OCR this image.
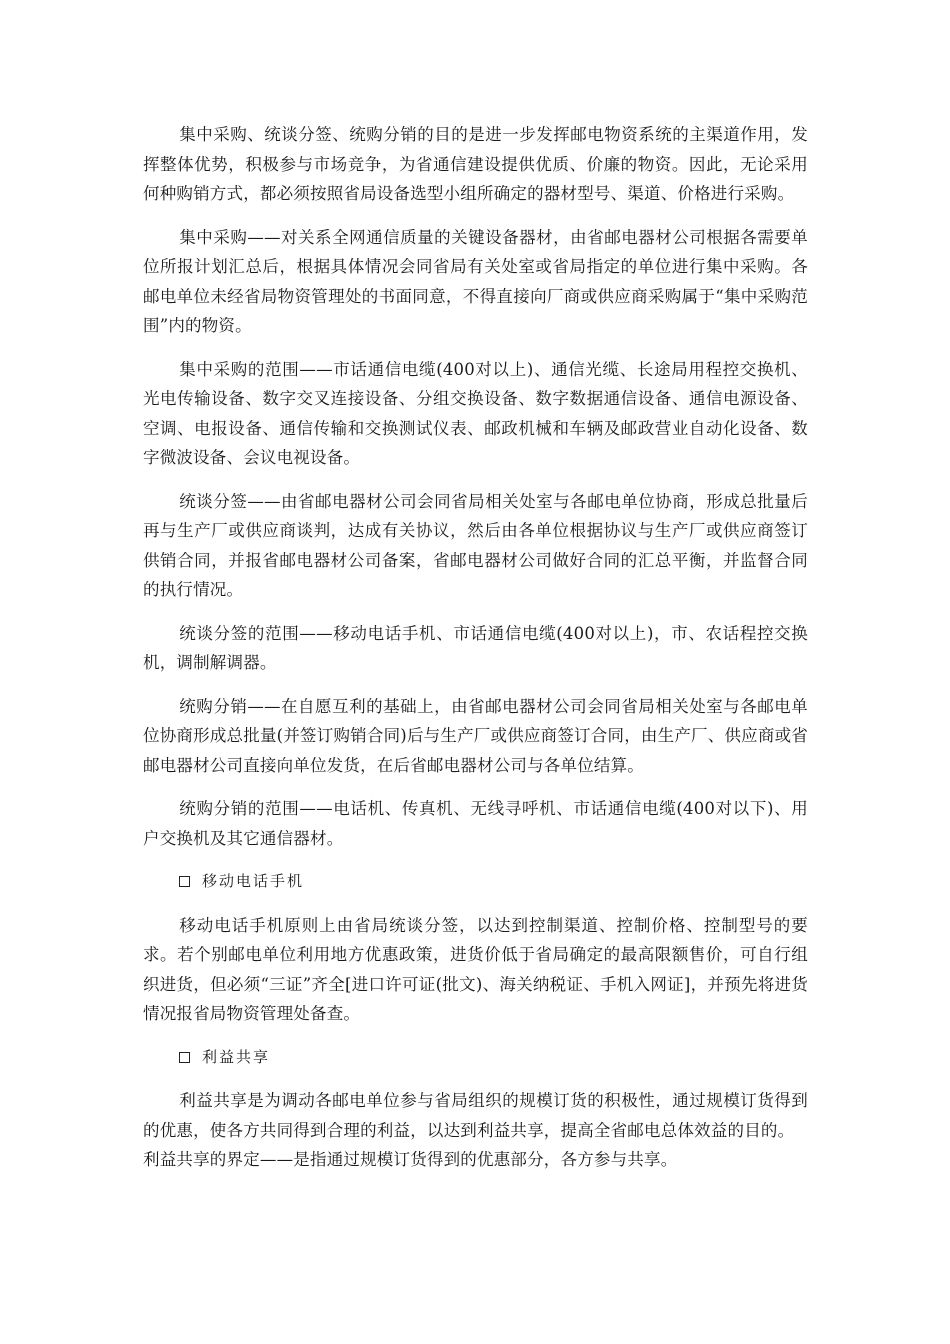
集中采购、统谈分签、统购分销的目的是进一步发挥邮电物资系统的主渠道作用，发挥整体优势，积极参与市场竞争，为省通信建设提供优质、价廉的物资。因此，无论采用何种购销方式，都必须按照省局设备选型小组所确定的器材型号、渠道、价格进行采购。

集中采购——对关系全网通信质量的关键设备器材，由省邮电器材公司根据各需要单位所报计划汇总后，根据具体情况会同省局有关处室或省局指定的单位进行集中采购。各邮电单位未经省局物资管理处的书面同意，不得直接向厂商或供应商采购属于“集中采购范围”内的物资。

集中采购的范围——市话通信电缆(400对以上)、通信光缆、长途局用程控交换机、光电传输设备、数字交叉连接设备、分组交换设备、数字数据通信设备、通信电源设备、空调、电报设备、通信传输和交换测试仪表、邮政机械和车辆及邮政营业自动化设备、数字微波设备、会议电视设备。

统谈分签——由省邮电器材公司会同省局相关处室与各邮电单位协商，形成总批量后再与生产厂或供应商谈判，达成有关协议，然后由各单位根据协议与生产厂或供应商签订供销合同，并报省邮电器材公司备案，省邮电器材公司做好合同的汇总平衡，并监督合同的执行情况。

统谈分签的范围——移动电话手机、市话通信电缆(400对以上)，市、农话程控交换机，调制解调器。

统购分销——在自愿互利的基础上，由省邮电器材公司会同省局相关处室与各邮电单位协商形成总批量(并签订购销合同)后与生产厂或供应商签订合同，由生产厂、供应商或省邮电器材公司直接向单位发货，在后省邮电器材公司与各单位结算。

统购分销的范围——电话机、传真机、无线寻呼机、市话通信电缆(400对以下)、用户交换机及其它通信器材。

移动电话手机

移动电话手机原则上由省局统谈分签，以达到控制渠道、控制价格、控制型号的要求。若个别邮电单位利用地方优惠政策，进货价低于省局确定的最高限额售价，可自行组织进货，但必须“三证”齐全[进口许可证(批文)、海关纳税证、手机入网证]，并预先将进货情况报省局物资管理处备查。

利益共享

利益共享是为调动各邮电单位参与省局组织的规模订货的积极性，通过规模订货得到的优惠，使各方共同得到合理的利益，以达到利益共享，提高全省邮电总体效益的目的。

利益共享的界定——是指通过规模订货得到的优惠部分，各方参与共享。
